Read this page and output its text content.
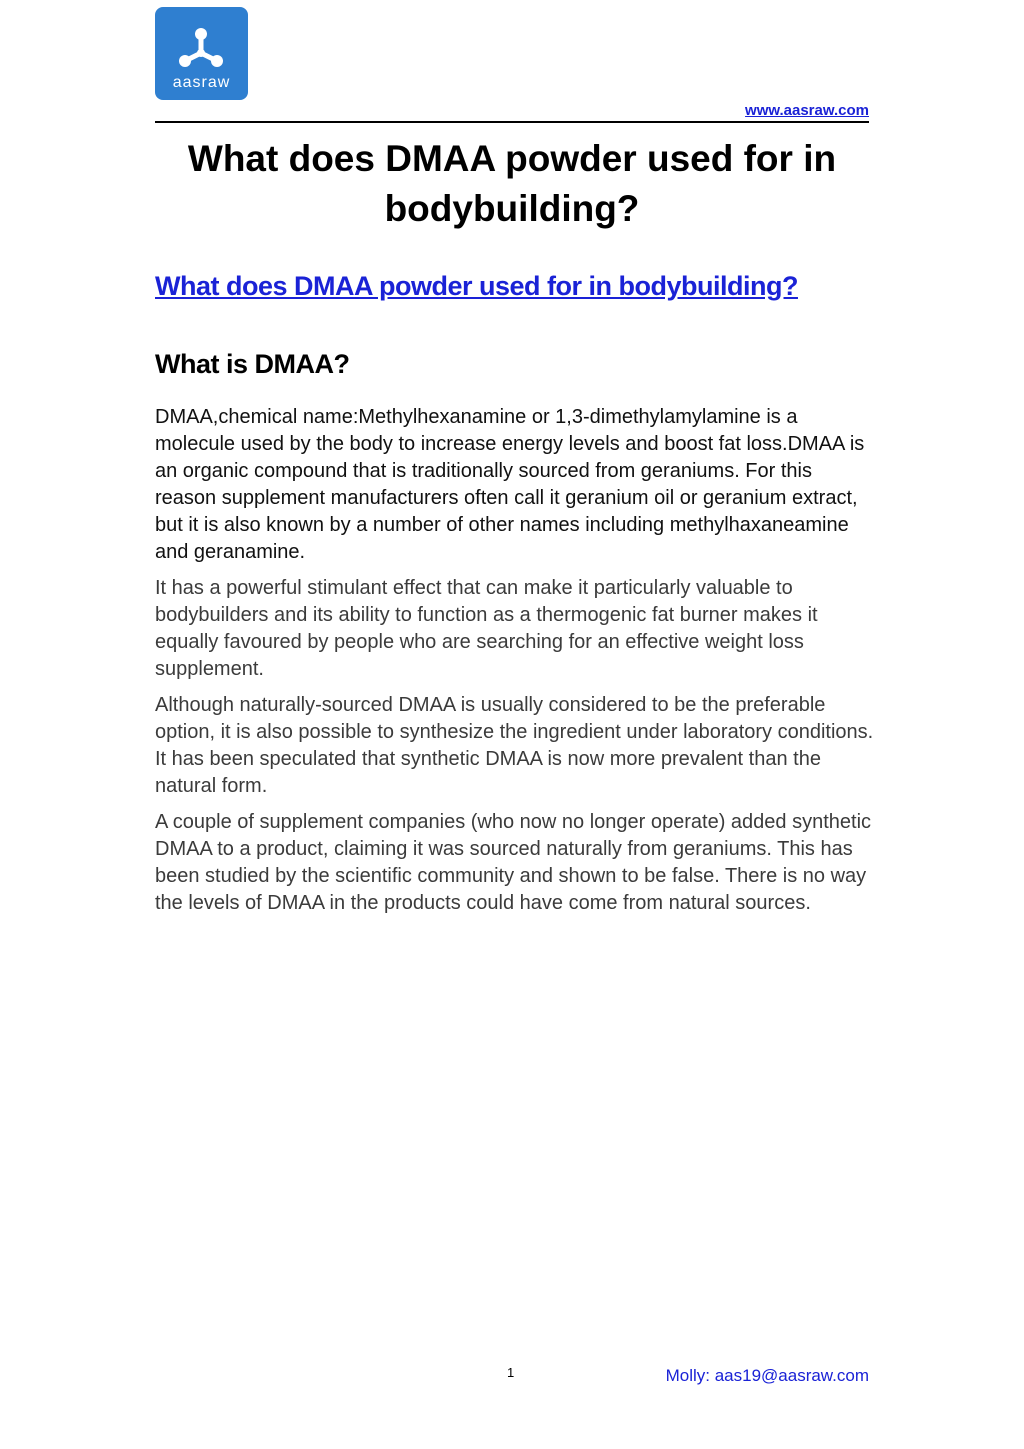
aasraw
www.aasraw.com
What does DMAA powder used for in bodybuilding?
What does DMAA powder used for in bodybuilding?
What is DMAA?

DMAA,chemical name:Methylhexanamine or 1,3-dimethylamylamine is a molecule used by the body to increase energy levels and boost fat loss.DMAA is an organic compound that is traditionally sourced from geraniums. For this reason supplement manufacturers often call it geranium oil or geranium extract, but it is also known by a number of other names including methylhaxaneamine and geranamine.

It has a powerful stimulant effect that can make it particularly valuable to bodybuilders and its ability to function as a thermogenic fat burner makes it equally favoured by people who are searching for an effective weight loss supplement.

Although naturally-sourced DMAA is usually considered to be the preferable option, it is also possible to synthesize the ingredient under laboratory conditions. It has been speculated that synthetic DMAA is now more prevalent than the natural form.

A couple of supplement companies (who now no longer operate) added synthetic DMAA to a product, claiming it was sourced naturally from geraniums. This has been studied by the scientific community and shown to be false. There is no way the levels of DMAA in the products could have come from natural sources.

1	Molly: aas19@aasraw.com
